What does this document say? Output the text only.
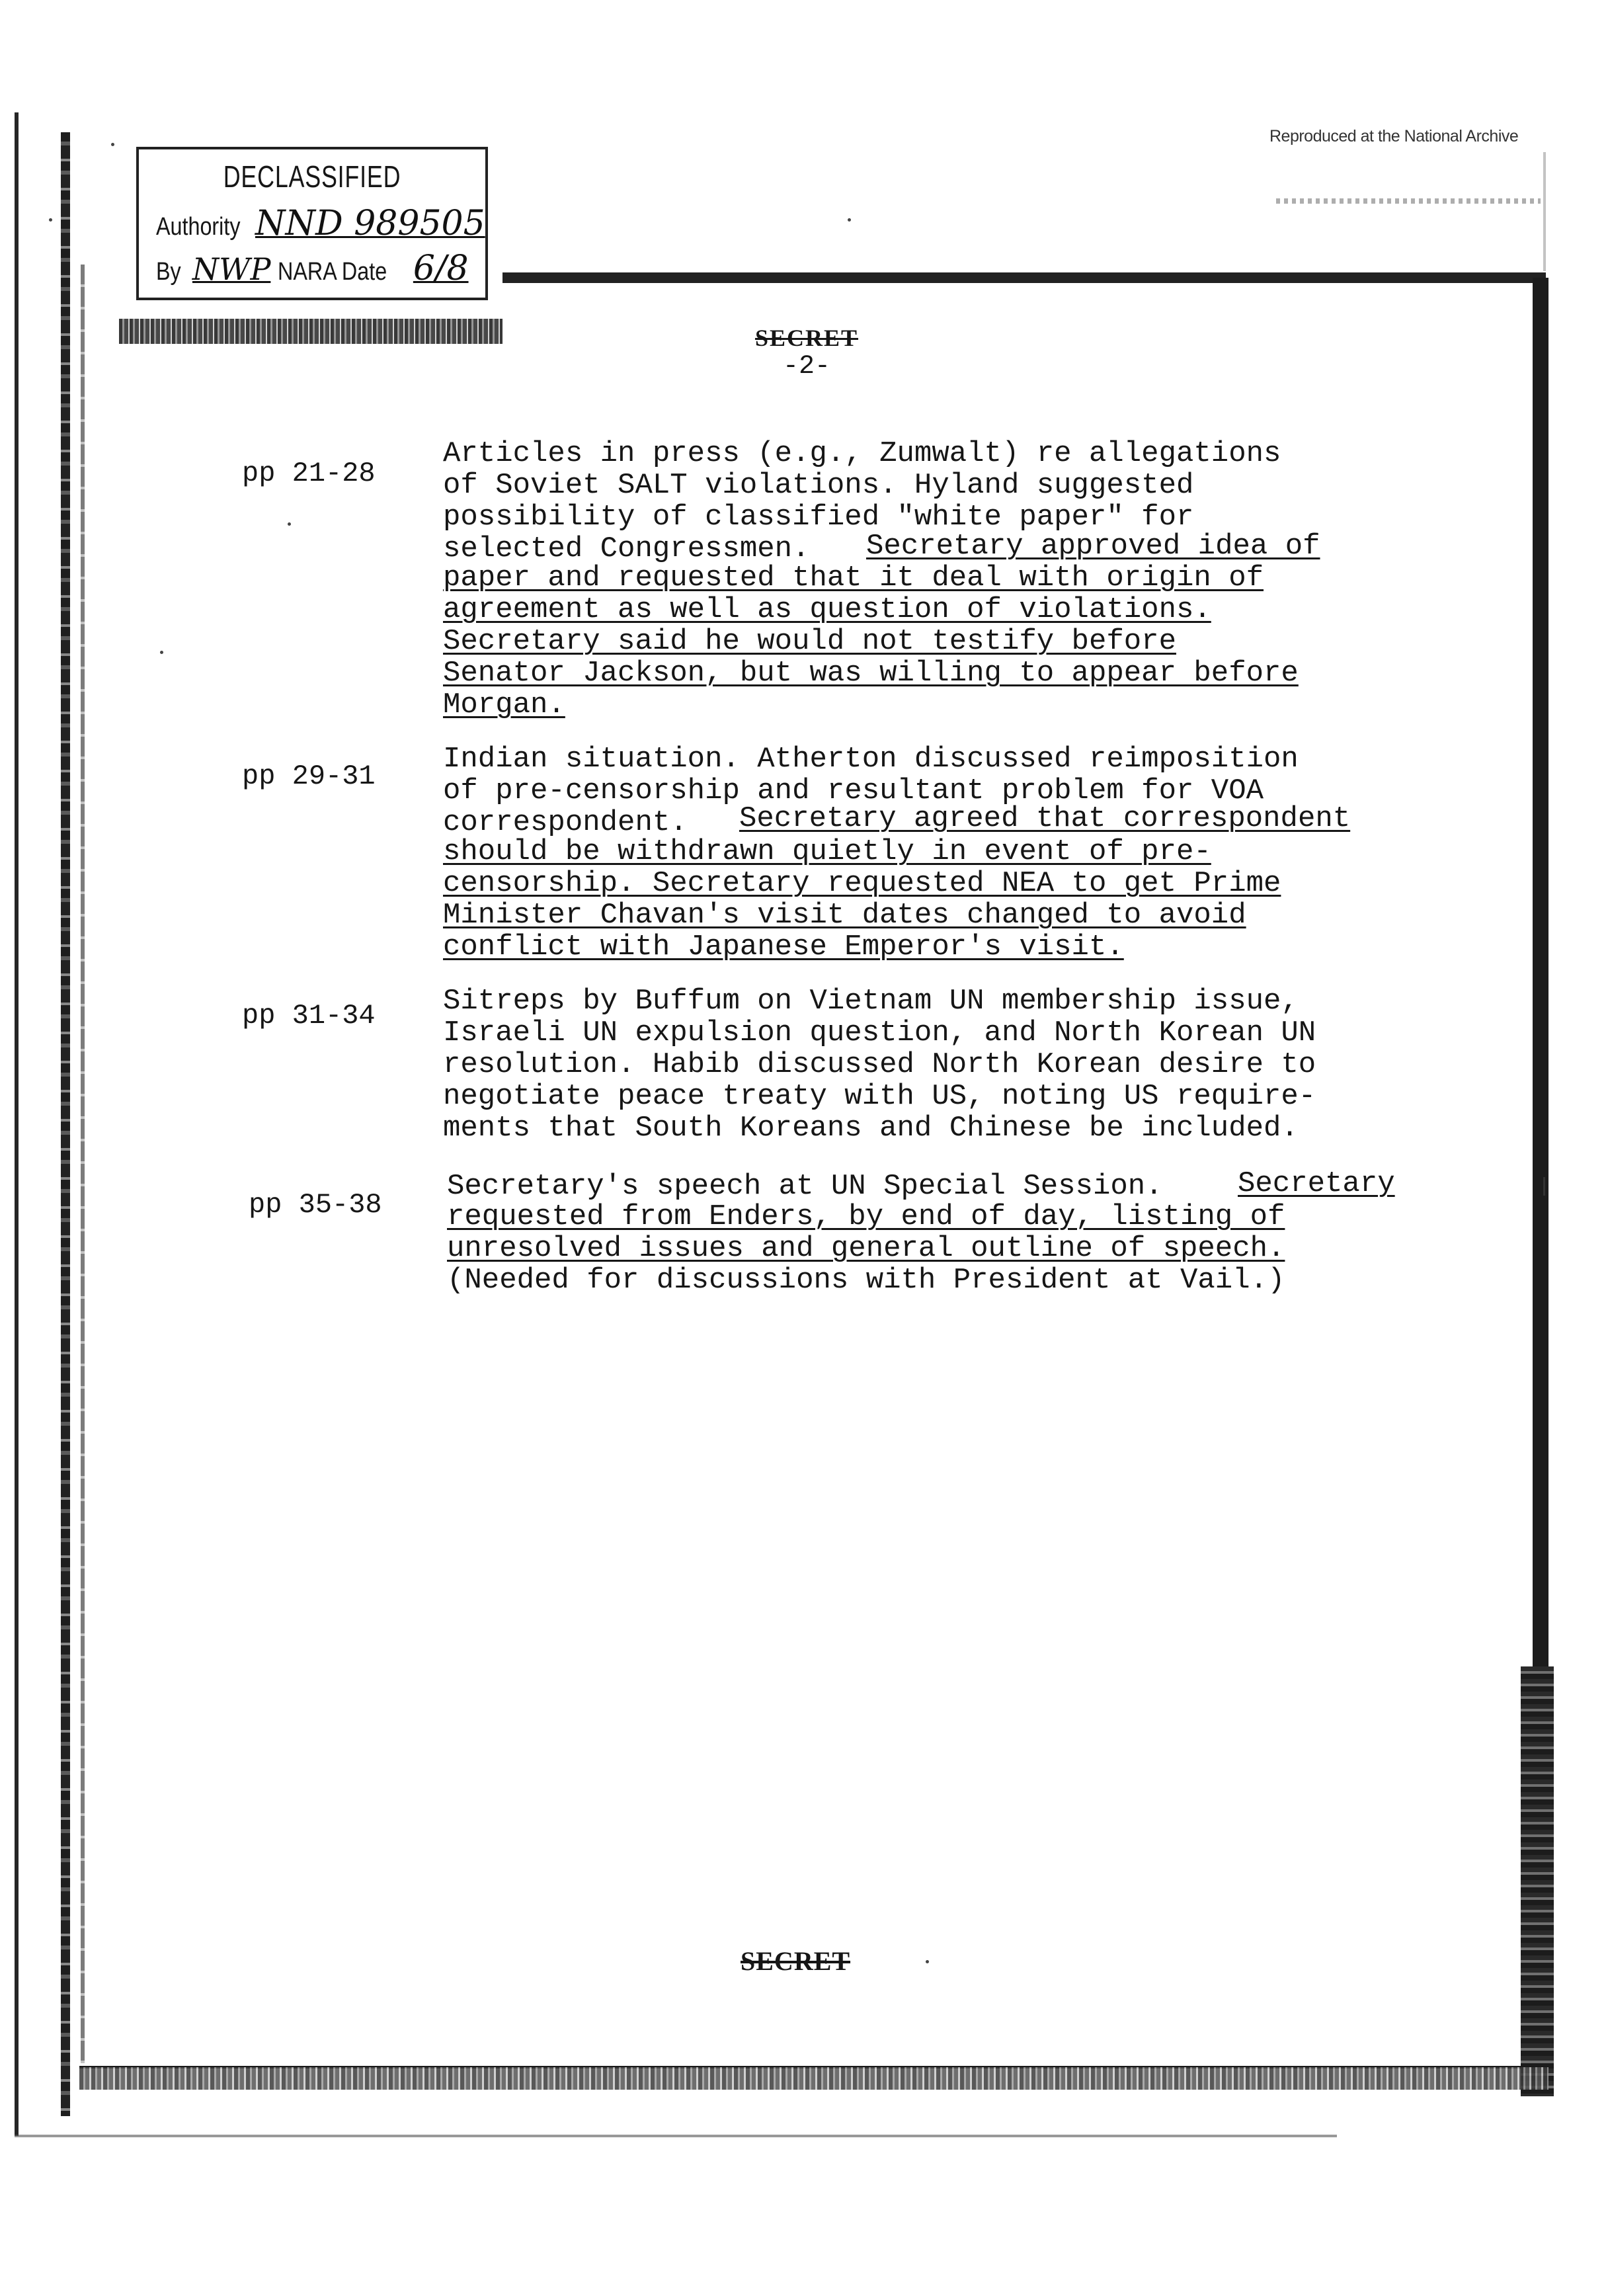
Reproduced at the National Archive
DECLASSIFIED
Authority NND 989505
By NWP NARA Date 6/8
SECRET
-2-
pp 21-28
Articles in press (e.g., Zumwalt) re allegations
of Soviet SALT violations. Hyland suggested
possibility of classified "white paper" for
selected Congressmen. Secretary approved idea of
paper and requested that it deal with origin of
agreement as well as question of violations.
Secretary said he would not testify before
Senator Jackson, but was willing to appear before
Morgan.
pp 29-31
Indian situation. Atherton discussed reimposition
of pre-censorship and resultant problem for VOA
correspondent. Secretary agreed that correspondent
should be withdrawn quietly in event of pre-
censorship. Secretary requested NEA to get Prime
Minister Chavan's visit dates changed to avoid
conflict with Japanese Emperor's visit.
pp 31-34 Sitreps by Buffum on Vietnam UN membership issue,
Israeli UN expulsion question, and North Korean UN
resolution. Habib discussed North Korean desire to
negotiate peace treaty with US, noting US require-
ments that South Koreans and Chinese be included.
pp 35-38
Secretary's speech at UN Special Session.	Secretary
requested from Enders, by end of day, listing of
unresolved issues and general outline of speech.
(Needed for discussions with President at Vail.)
SECRET
